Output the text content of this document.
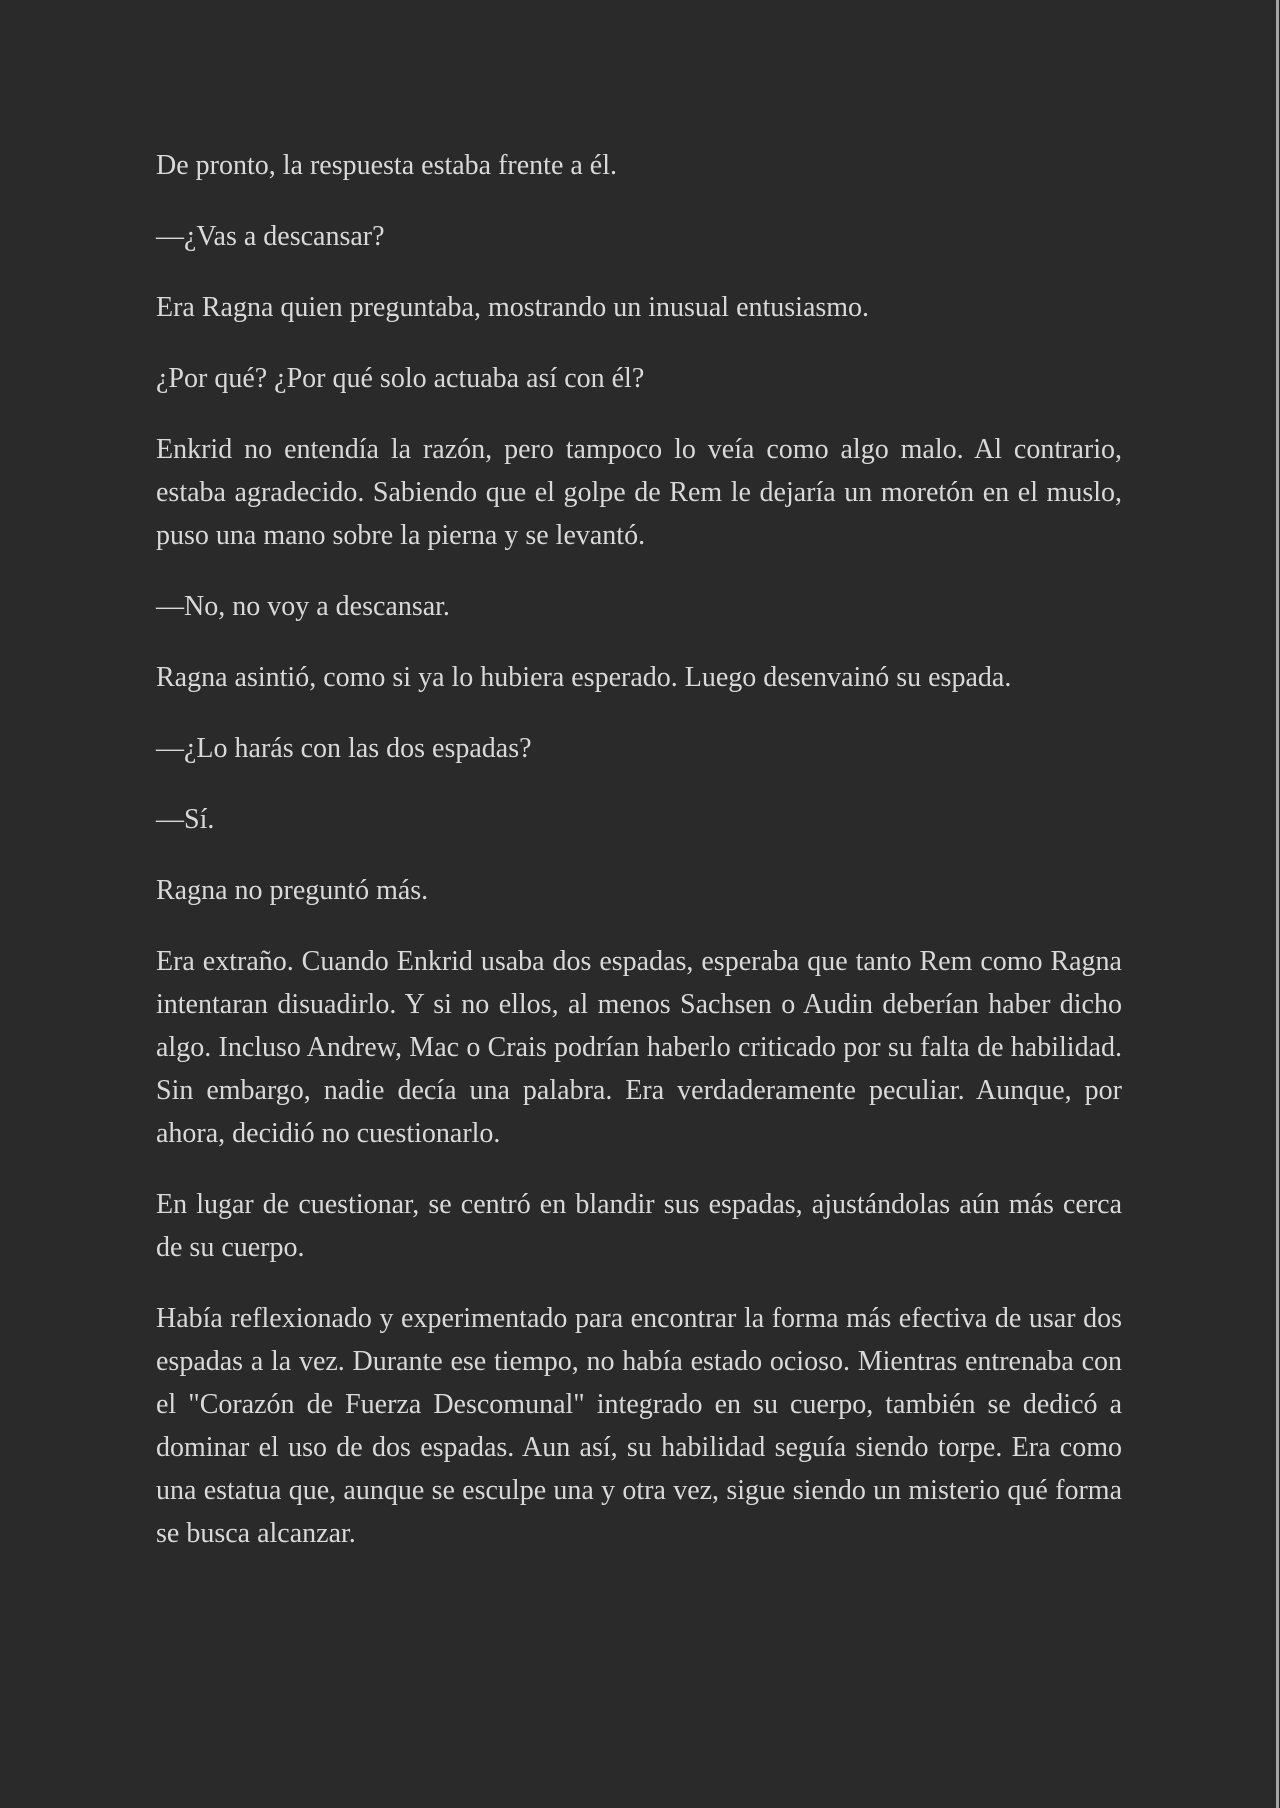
De pronto, la respuesta estaba frente a él.

—¿Vas a descansar?

Era Ragna quien preguntaba, mostrando un inusual entusiasmo.

¿Por qué? ¿Por qué solo actuaba así con él?

Enkrid no entendía la razón, pero tampoco lo veía como algo malo. Al contrario, estaba agradecido. Sabiendo que el golpe de Rem le dejaría un moretón en el muslo, puso una mano sobre la pierna y se levantó.

—No, no voy a descansar.

Ragna asintió, como si ya lo hubiera esperado. Luego desenvainó su espada.

—¿Lo harás con las dos espadas?

—Sí.

Ragna no preguntó más.

Era extraño. Cuando Enkrid usaba dos espadas, esperaba que tanto Rem como Ragna intentaran disuadirlo. Y si no ellos, al menos Sachsen o Audin deberían haber dicho algo. Incluso Andrew, Mac o Crais podrían haberlo criticado por su falta de habilidad. Sin embargo, nadie decía una palabra. Era verdaderamente peculiar. Aunque, por ahora, decidió no cuestionarlo.

En lugar de cuestionar, se centró en blandir sus espadas, ajustándolas aún más cerca de su cuerpo.

Había reflexionado y experimentado para encontrar la forma más efectiva de usar dos espadas a la vez. Durante ese tiempo, no había estado ocioso. Mientras entrenaba con el "Corazón de Fuerza Descomunal" integrado en su cuerpo, también se dedicó a dominar el uso de dos espadas. Aun así, su habilidad seguía siendo torpe. Era como una estatua que, aunque se esculpe una y otra vez, sigue siendo un misterio qué forma se busca alcanzar.
